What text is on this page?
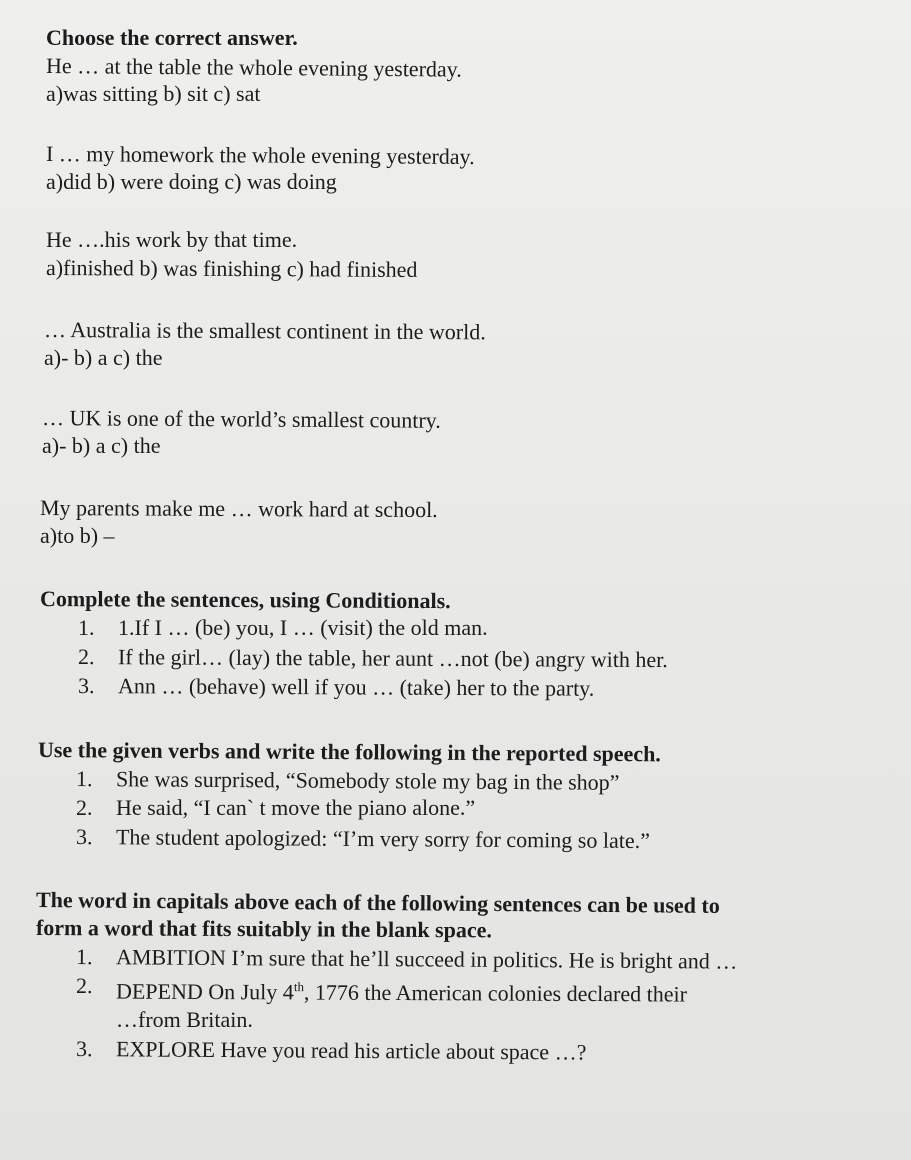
Choose the correct answer.
He … at the table the whole evening yesterday.
a)was sitting b) sit c) sat
I … my homework the whole evening yesterday.
a)did b) were doing c) was doing
He ….his work by that time.
a)finished b) was finishing c) had finished
… Australia is the smallest continent in the world.
a)- b) a c) the
… UK is one of the world’s smallest country.
a)- b) a c) the
My parents make me … work hard at school.
a)to b) –
Complete the sentences, using Conditionals.
1. 1.If I … (be) you, I … (visit) the old man.
2. If the girl… (lay) the table, her aunt …not (be) angry with her.
3. Ann … (behave) well if you … (take) her to the party.
Use the given verbs and write the following in the reported speech.
1. She was surprised, “Somebody stole my bag in the shop”
2. He said, “I can` t move the piano alone.”
3. The student apologized: “I’m very sorry for coming so late.”
The word in capitals above each of the following sentences can be used to
form a word that fits suitably in the blank space.
1. AMBITION I’m sure that he’ll succeed in politics. He is bright and …
2. DEPEND On July 4th, 1776 the American colonies declared their
…from Britain.
3. EXPLORE Have you read his article about space …?
